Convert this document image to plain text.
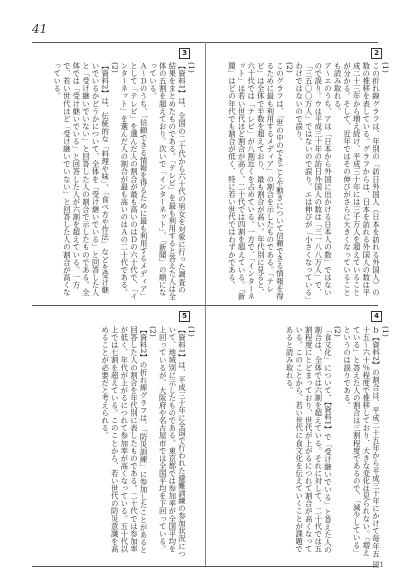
41
2
(1)
この折れ線グラフは、年別の「訪日外国人（日本を訪れる外国人）の数の推移を表している。グラフからは、日本を訪れる外国人の数は平成二十三年から増え続け、平成三十年には三千万人を超えていることが分かる。そして、近年ではその伸びがさらに大きくなっていることも読み取れる。
ア〜エのうち、アは「日本から外国に出かける日本人の数」ではないので誤り。ウは平成三十年の訪日外国人の数は「三一八八万人」で、「三五〇〇万人」ではないので誤り。エは伸びが「小さくなっている」わけではないので誤り。
(2)
このグラフは、「世の中のできごとや動きについて信頼できる情報を得るために最も利用するメディア」の割合を示したものである。「テレビ」は全体で半数を超えており、最も割合が高い。年代別に見ると、六十代では「テレビ」が八割近くを占めている。一方で、「インターネット」は若い世代ほど割合が高く、二十代では四割を超えている。「新聞」はどの年代でも割合が低く、特に若い世代ではわずかである。
3
(1)
【資料1】は、全国の二十代から六十代の男女を対象に行った調査の結果をまとめたものである。「テレビ」を最も利用すると答えた人は全体の五割を超えており、次いで「インターネット」、「新聞」の順になっている。
Ａ〜Ｄのうち、「信頼できる情報を得るために最も利用するメディア」として「テレビ」を選んだ人の割合が最も高いのはＤの六十代で、「インターネット」を選んだ人の割合が最も高いのはＡの二十代である。
(2)
【資料2】は、伝統的な「料理や味」、「食べ方や作法」などを受け継いでいるかどうかについて、全体を「受け継いでいる」と回答した人と「受け継いでいない」と回答した人の割合で示したものである。全体では「受け継いでいる」と回答した人が六割を超えている。一方で、若い世代ほど「受け継いでいない」と回答した人の割合が高くなっている。
4
(1)
ｂ【資料2】の割合は、平成二十五年から平成三十年にかけて毎年五十五〜六十％程度で推移しており、大きな変化は見られない。「増えている」と答えた人の割合は三割程度であるので、「減少している」というのは誤りである。
(2)
「食文化」について、【資料1】で「受け継いでいる」と答えた人の割合は、全体では六割を超えている。それに対して、二十代では五割程度にとどまっており、世代が上がるにつれて割合が高くなっている。このことから、若い世代に食文化を伝えていくことが課題であると読み取れる。
5
(1)
【資料1】は、平成三十年に全国で行われた避難訓練の参加状況について、地域別に示したものである。東京都では参加率が全国平均を上回っているが、大阪府や名古屋市では全国平均を下回っている。
(2)
【資料2】の折れ線グラフは、「防災訓練」に参加したことがあると回答した人の割合を年代別に表したものである。二十代では参加率が低く、年代が上がるにつれて参加率が高くなっている。五十代以上では七割を超えている。このことから、若い世代の防災意識を高めることが必要だと考えられる。
國1
